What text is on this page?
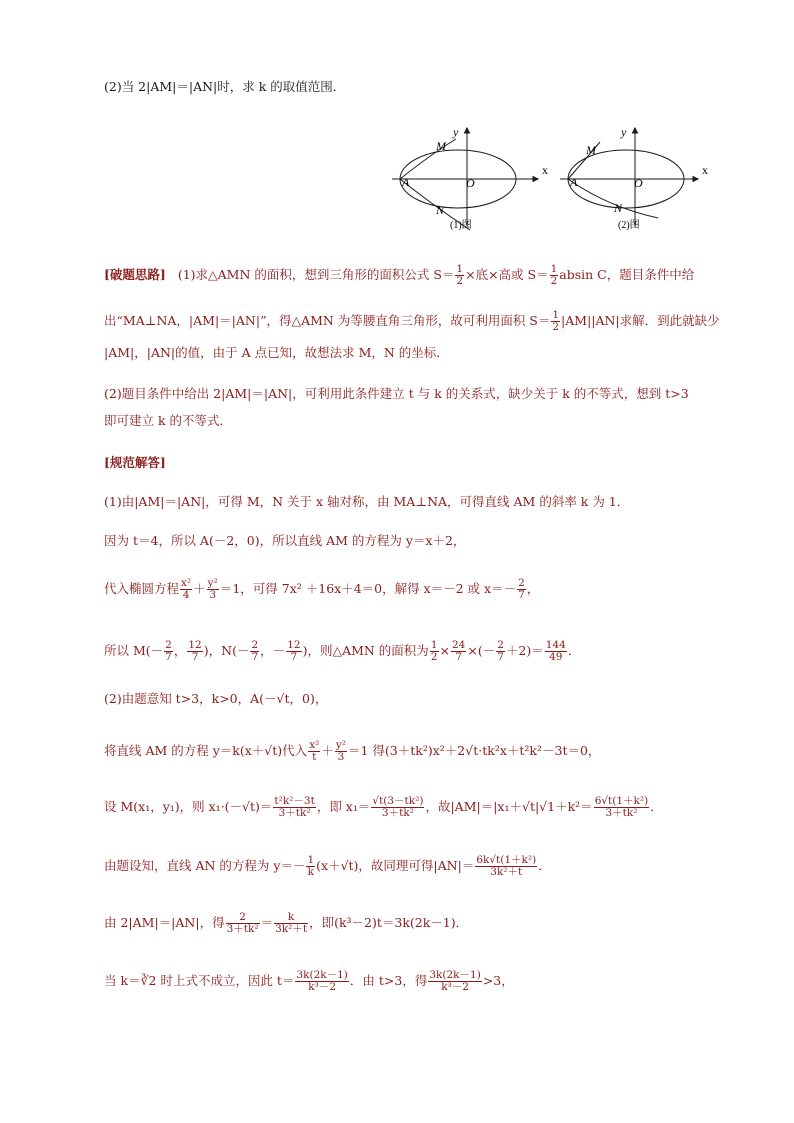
(2)当 2|AM|＝|AN|时，求 k 的取值范围．
x
y
A	O
M
N
(1)图
x
y
A	O
M
N
(2)图
[破题思路] (1)求△AMN 的面积，想到三角形的面积公式 $S= \frac{1}{2}$ ×底×高或 $S= \frac{1}{2}$ absin C，题目条件中给
出“MA⊥NA，|AM|＝|AN|”，得△AMN 为等腰直角三角形，故可利用面积 $S= \frac{1}{2} |AM||AN|$求解．到此就缺少
|AM|，|AN|的值，由于 A 点已知，故想法求 M，N 的坐标．
(2)题目条件中给出 2|AM|＝|AN|，可利用此条件建立 t 与 k 的关系式，缺少关于 k 的不等式，想到 t>3
即可建立 k 的不等式．
[规范解答]
(1)由|AM|＝|AN|，可得 M，N 关于 x 轴对称，由 MA⊥NA，可得直线 AM 的斜率 k 为 1．
因为 t＝4，所以 A(－2，0)，所以直线 AM 的方程为 y＝x＋2，
代入椭圆方程 $\frac{\text{x²}}{4} + \frac{\text{y²}}{3} =1$，可得 7x² ＋16x＋4＝0，解得 x＝－2 或 $x=- \frac{2}{7}$ ，
所以 $M(- \frac{2}{7}$ ， $\frac{12}{7}$ )，$N(- \frac{2}{7}$ ，－ $\frac{12}{7}$ )，则△AMN 的面积为 $\frac{1}{2} \times \frac{24}{7}$ ×(－ $\frac{2}{7} +2)= \frac{144}{49}$ ．
(2)由题意知 t>3，k>0，A(－√t，0)，
将直线 AM 的方程 y＝k(x＋√t)代入 $\frac{\text{x²}}{t} + \frac{\text{y²}}{3} =1$ 得(3＋tk²)x²＋2√t·tk²x＋t²k²－3t＝0，
设 M(x₁，y₁)，则 $x_1\cdot(-√t)= \frac{\text{t²k²－3t}}{\text{3＋tk²}}$ ，即 $x_1= \frac{\text{√t(3－tk²)}}{\text{3＋tk²}}$ ，故$|AM|=|x_1+√t|√1+k^2= \frac{\text{6√t(1＋k²)}}{\text{3＋tk²}}$ ．
由题设知，直线 AN 的方程为 $y=- \frac{1}{k} (x+√t)$，故同理可得$|AN|= \frac{\text{6k√t(1＋k²)}}{\text{3k²＋t}}$ ．
由 2|AM|＝|AN|，得 $\frac{2}{\text{3＋tk²}} = \frac{k}{\text{3k²＋t}}$ ，即(k³－2)t＝3k(2k－1)．
当 k＝∛2 时上式不成立，因此 $t= \frac{3k(2k-1)}{\text{k³－2}}$ ．由 t>3，得 $\frac{3k(2k-1)}{\text{k³－2}} >3$，
